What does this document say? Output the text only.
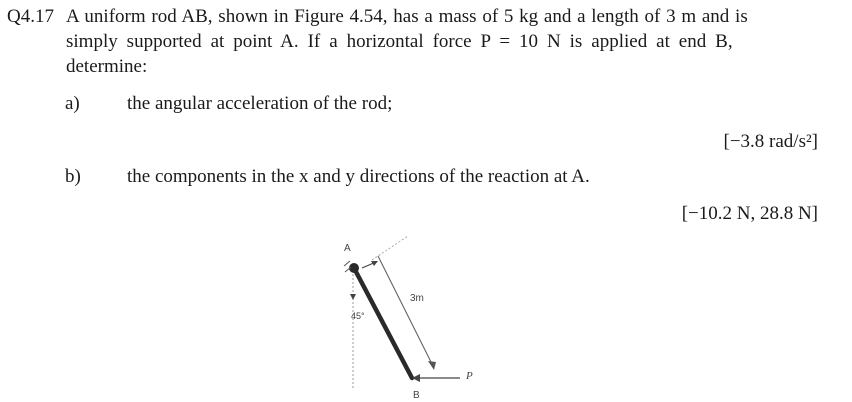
Q4.17 A uniform rod AB, shown in Figure 4.54, has a mass of 5 kg and a length of 3 m and is
simply supported at point A. If a horizontal force P = 10 N is applied at end B,
determine:
a) the angular acceleration of the rod;
[−3.8 rad/s²]
b) the components in the x and y directions of the reaction at A.
[−10.2 N, 28.8 N]
A
3m
45°
P
B
